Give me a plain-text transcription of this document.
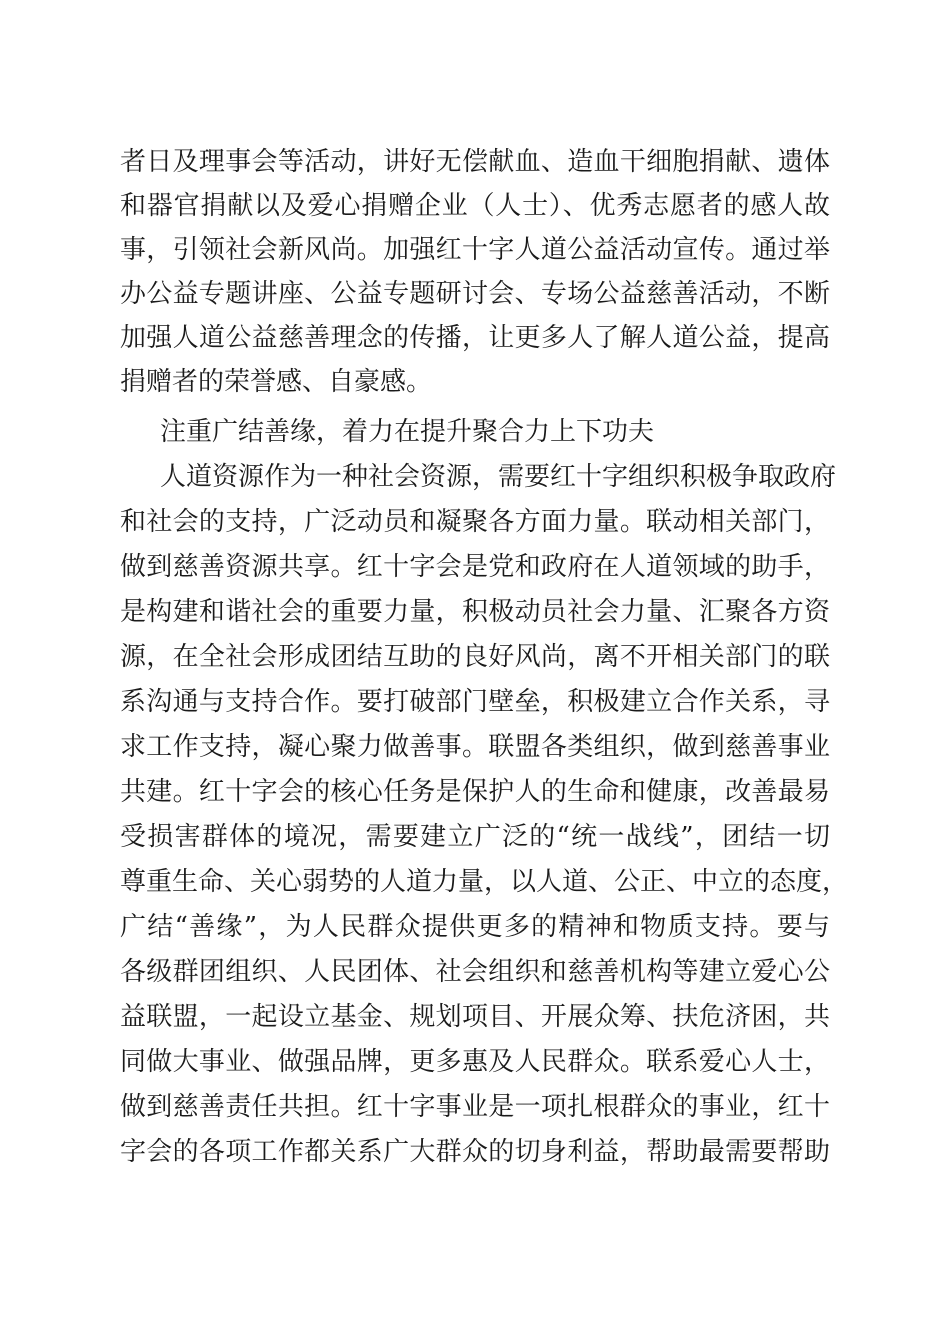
者日及理事会等活动，讲好无偿献血、造血干细胞捐献、遗体
和器官捐献以及爱心捐赠企业（人士）、优秀志愿者的感人故
事，引领社会新风尚。加强红十字人道公益活动宣传。通过举
办公益专题讲座、公益专题研讨会、专场公益慈善活动，不断
加强人道公益慈善理念的传播，让更多人了解人道公益，提高
捐赠者的荣誉感、自豪感。
注重广结善缘，着力在提升聚合力上下功夫
人道资源作为一种社会资源，需要红十字组织积极争取政府
和社会的支持，广泛动员和凝聚各方面力量。联动相关部门，
做到慈善资源共享。红十字会是党和政府在人道领域的助手，
是构建和谐社会的重要力量，积极动员社会力量、汇聚各方资
源，在全社会形成团结互助的良好风尚，离不开相关部门的联
系沟通与支持合作。要打破部门壁垒，积极建立合作关系，寻
求工作支持，凝心聚力做善事。联盟各类组织，做到慈善事业
共建。红十字会的核心任务是保护人的生命和健康，改善最易
受损害群体的境况，需要建立广泛的“统一战线”，团结一切
尊重生命、关心弱势的人道力量，以人道、公正、中立的态度，
广结“善缘”，为人民群众提供更多的精神和物质支持。要与
各级群团组织、人民团体、社会组织和慈善机构等建立爱心公
益联盟，一起设立基金、规划项目、开展众筹、扶危济困，共
同做大事业、做强品牌，更多惠及人民群众。联系爱心人士，
做到慈善责任共担。红十字事业是一项扎根群众的事业，红十
字会的各项工作都关系广大群众的切身利益，帮助最需要帮助
